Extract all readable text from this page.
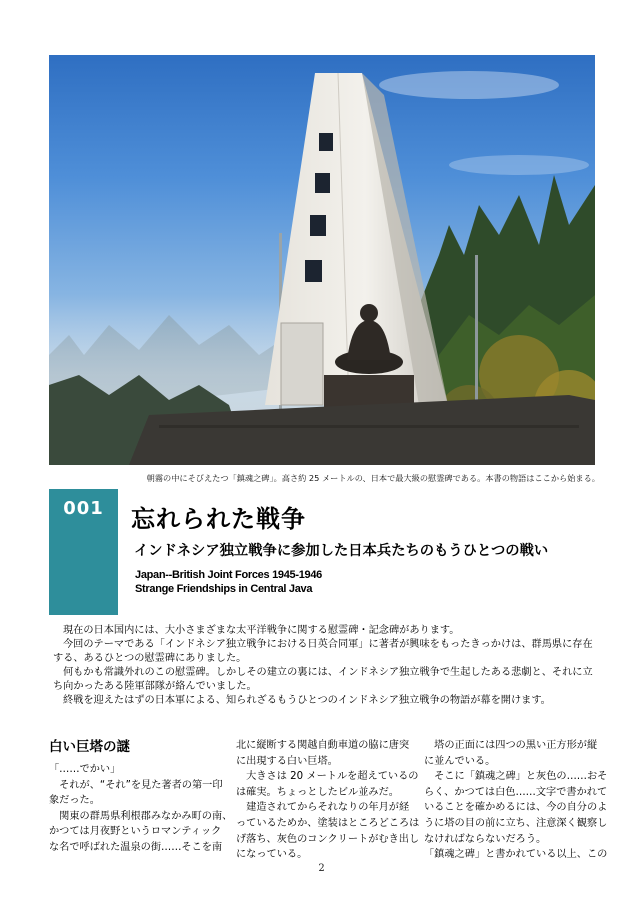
朝霧の中にそびえたつ「鎮魂之碑」。高さ約 25 メートルの、日本で最大級の慰霊碑である。本書の物語はここから始まる。
001	忘れられた戦争
インドネシア独立戦争に参加した日本兵たちのもうひとつの戦い
Japan--British Joint Forces 1945-1946
Strange Friendships in Central Java

現在の日本国内には、大小さまざまな太平洋戦争に関する慰霊碑・記念碑があります。

今回のテーマである「インドネシア独立戦争における日英合同軍」に著者が興味をもったきっかけは、群馬県に存在

する、あるひとつの慰霊碑にありました。

何もかも常識外れのこの慰霊碑。しかしその建立の裏には、インドネシア独立戦争で生起したある悲劇と、それに立

ち向かったある陸軍部隊が絡んでいました。

終戦を迎えたはずの日本軍による、知られざるもうひとつのインドネシア独立戦争の物語が幕を開けます。

白い巨塔の謎

「……でかい」

　それが、“それ”を見た著者の第一印

象だった。

　関東の群馬県利根郡みなかみ町の南、

かつては月夜野というロマンティック

な名で呼ばれた温泉の街……そこを南

北に縦断する関越自動車道の脇に唐突

に出現する白い巨塔。

　大きさは 20 メートルを超えているの

は確実。ちょっとしたビル並みだ。

　建造されてからそれなりの年月が経

っているためか、塗装はところどころは

げ落ち、灰色のコンクリートがむき出し

になっている。

　塔の正面には四つの黒い正方形が縦

に並んでいる。

　そこに「鎮魂之碑」と灰色の……おそ

らく、かつては白色……文字で書かれて

いることを確かめるには、今の自分のよ

うに塔の目の前に立ち、注意深く観察し

なければならないだろう。

「鎮魂之碑」と書かれている以上、この

2
